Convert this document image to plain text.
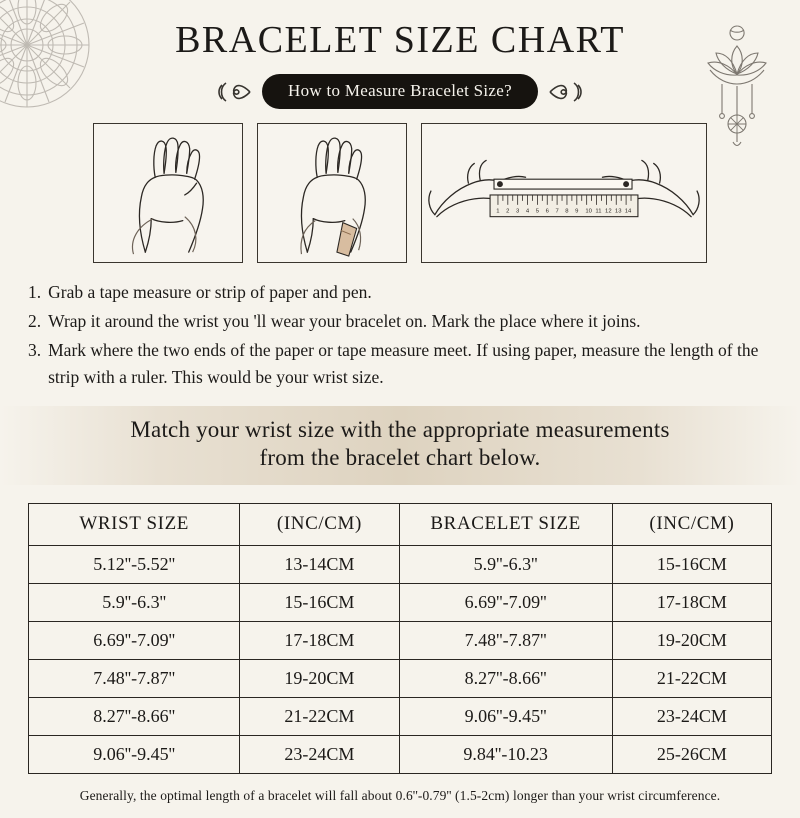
BRACELET SIZE CHART
How to Measure Bracelet Size?
1 2 3 4 5 6 7 8 9 10 11 12 13 14
1. Grab a tape measure or strip of paper and pen.
2. Wrap it around the wrist you 'll wear your bracelet on. Mark the place where it joins.
3. Mark where the two ends of the paper or tape measure meet. If using paper, measure the length of the strip with a ruler. This would be your wrist size.
Match your wrist size with the appropriate measurements
from the bracelet chart below.
WRIST SIZE	(INC/CM)	BRACELET SIZE	(INC/CM)
5.12''-5.52''	13-14CM	5.9''-6.3''	15-16CM
5.9''-6.3''	15-16CM	6.69''-7.09''	17-18CM
6.69''-7.09''	17-18CM	7.48''-7.87''	19-20CM
7.48''-7.87''	19-20CM	8.27''-8.66''	21-22CM
8.27''-8.66''	21-22CM	9.06''-9.45''	23-24CM
9.06''-9.45''	23-24CM	9.84''-10.23	25-26CM
Generally, the optimal length of a bracelet will fall about 0.6''-0.79'' (1.5-2cm) longer than your wrist circumference.
